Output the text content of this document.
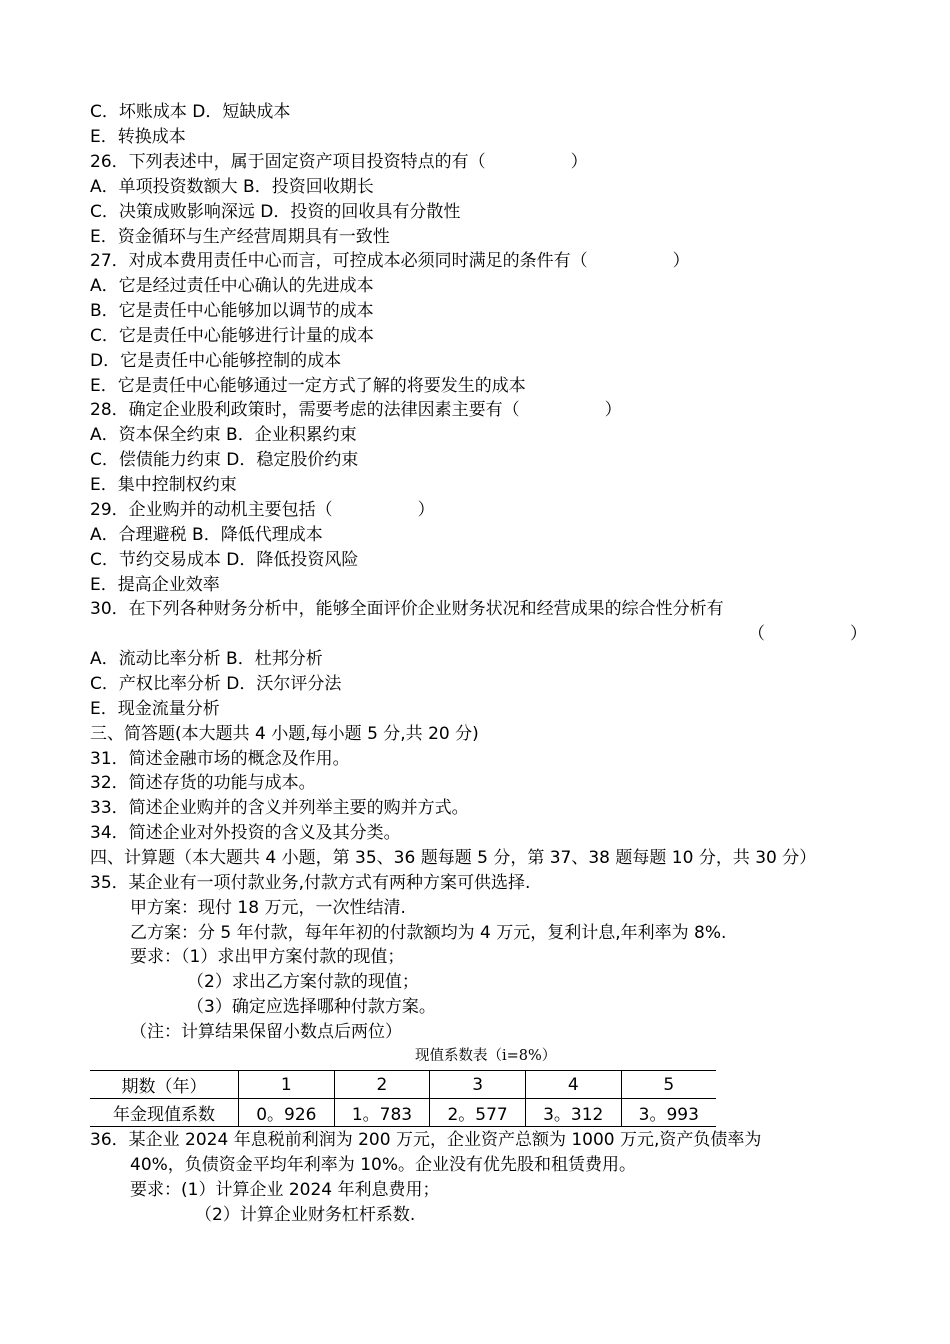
C．坏账成本 D．短缺成本
E．转换成本
26．下列表述中，属于固定资产项目投资特点的有（　　　　　）
A．单项投资数额大 B．投资回收期长
C．决策成败影响深远 D．投资的回收具有分散性
E．资金循环与生产经营周期具有一致性
27．对成本费用责任中心而言，可控成本必须同时满足的条件有（　　　　　）
A．它是经过责任中心确认的先进成本
B．它是责任中心能够加以调节的成本
C．它是责任中心能够进行计量的成本
D．它是责任中心能够控制的成本
E．它是责任中心能够通过一定方式了解的将要发生的成本
28．确定企业股利政策时，需要考虑的法律因素主要有（　　　　　）
A．资本保全约束 B．企业积累约束
C．偿债能力约束 D．稳定股价约束
E．集中控制权约束
29．企业购并的动机主要包括（　　　　　）
A．合理避税 B．降低代理成本
C．节约交易成本 D．降低投资风险
E．提高企业效率
30．在下列各种财务分析中，能够全面评价企业财务状况和经营成果的综合性分析有
（　　　　　）
A．流动比率分析 B．杜邦分析
C．产权比率分析 D．沃尔评分法
E．现金流量分析
三、简答题(本大题共 4 小题,每小题 5 分,共 20 分)
31．简述金融市场的概念及作用。
32．简述存货的功能与成本。
33．简述企业购并的含义并列举主要的购并方式。
34．简述企业对外投资的含义及其分类。
四、计算题（本大题共 4 小题，第 35、36 题每题 5 分，第 37、38 题每题 10 分，共 30 分）
35．某企业有一项付款业务,付款方式有两种方案可供选择.
甲方案：现付 18 万元，一次性结清.
乙方案：分 5 年付款，每年年初的付款额均为 4 万元，复利计息,年利率为 8%.
要求：（1）求出甲方案付款的现值；
（2）求出乙方案付款的现值；
（3）确定应选择哪种付款方案。
（注：计算结果保留小数点后两位）
现值系数表（i=8%）
期数（年）	1	2	3	4	5
年金现值系数	0。926	1。783	2。577	3。312	3。993
36．某企业 2024 年息税前利润为 200 万元，企业资产总额为 1000 万元,资产负债率为
40%，负债资金平均年利率为 10%。企业没有优先股和租赁费用。
要求：(1）计算企业 2024 年利息费用；
（2）计算企业财务杠杆系数.
